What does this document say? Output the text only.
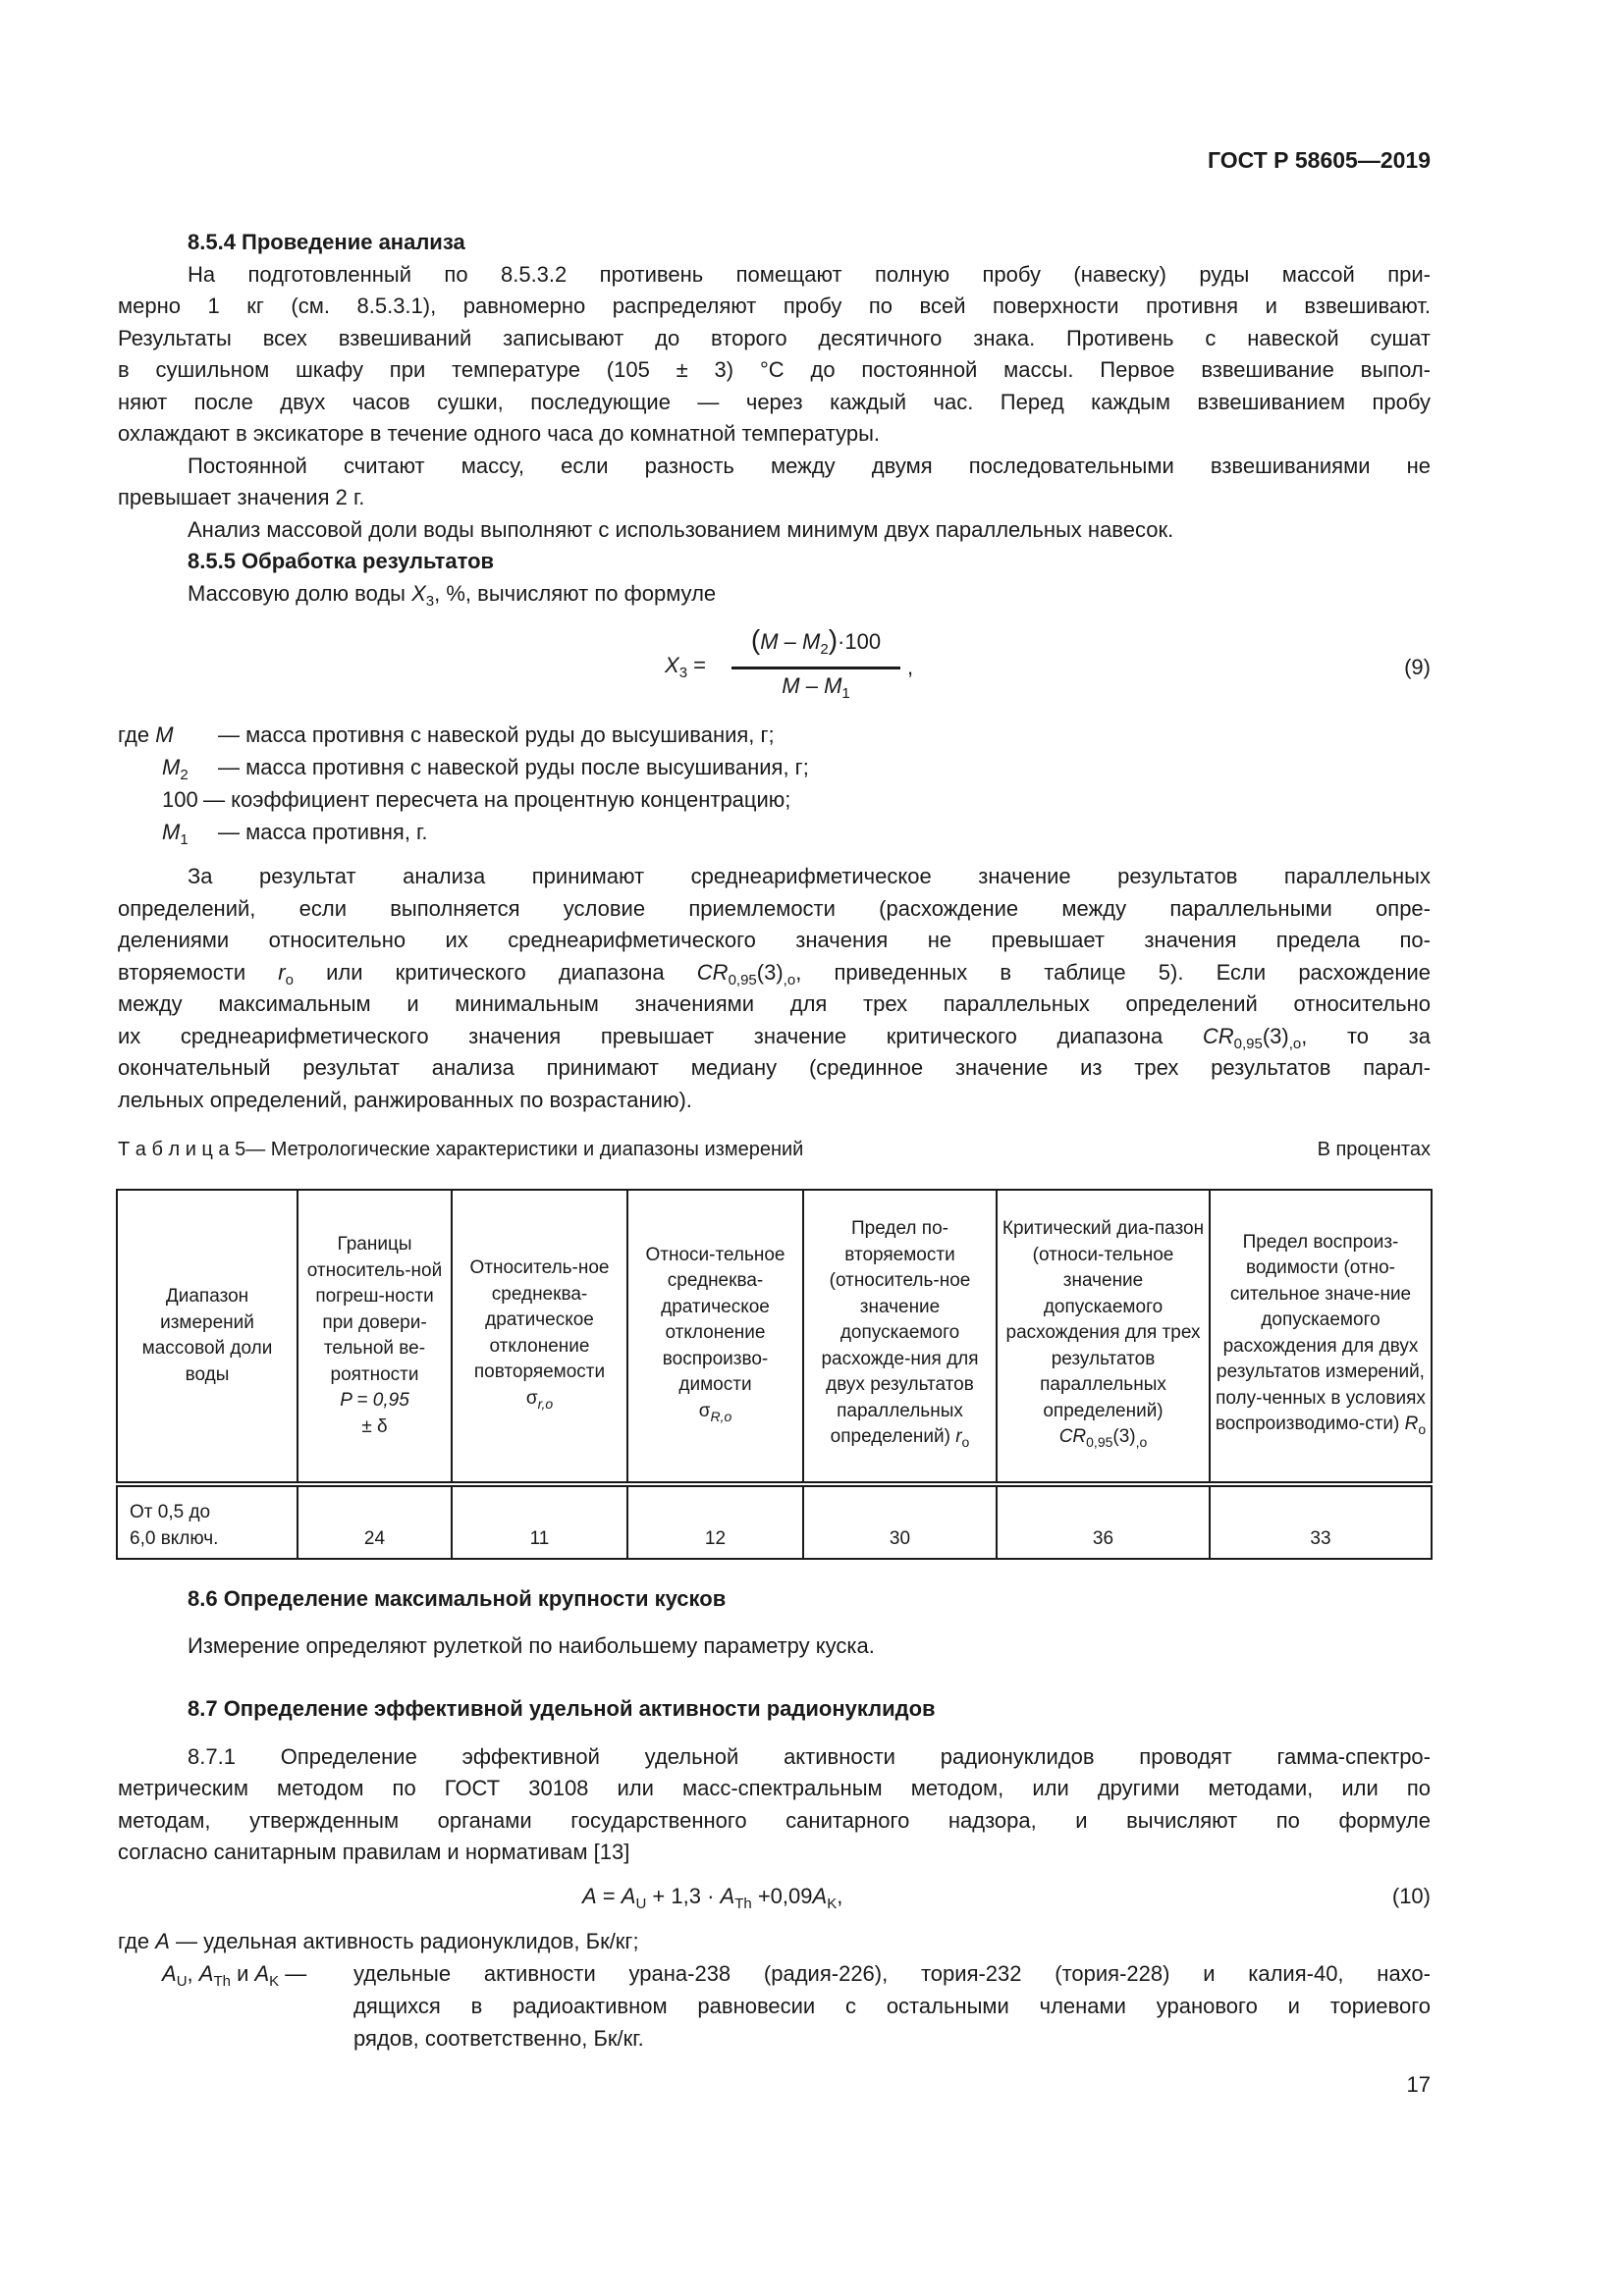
ГОСТ Р 58605—2019
8.5.4 Проведение анализа
На подготовленный по 8.5.3.2 противень помещают полную пробу (навеску) руды массой при-
мерно 1 кг (см. 8.5.3.1), равномерно распределяют пробу по всей поверхности противня и взвешивают.
Результаты всех взвешиваний записывают до второго десятичного знака. Противень с навеской сушат
в сушильном шкафу при температуре (105 ± 3) °С до постоянной массы. Первое взвешивание выпол-
няют после двух часов сушки, последующие — через каждый час. Перед каждым взвешиванием пробу
охлаждают в эксикаторе в течение одного часа до комнатной температуры.
Постоянной считают массу, если разность между двумя последовательными взвешиваниями не
превышает значения 2 г.
Анализ массовой доли воды выполняют с использованием минимум двух параллельных навесок.
8.5.5 Обработка результатов
Массовую долю воды $X_3$, %, вычисляют по формуле
$X_3$ =
$(M - M_2)\cdot 100$
M – $M_1$
,	(9)
где M — масса противня с навеской руды до высушивания, г;
$M_2$ — масса противня с навеской руды после высушивания, г;
100 — коэффициент пересчета на процентную концентрацию;
$M_1$ — масса противня, г.
За результат анализа принимают среднеарифметическое значение результатов параллельных
определений, если выполняется условие приемлемости (расхождение между параллельными опре-
делениями относительно их среднеарифметического значения не превышает значения предела по-
вторяемости $r_о$ или критического диапазона $CR_{0,95}(3)_{,о}$, приведенных в таблице 5). Если расхождение
между максимальным и минимальным значениями для трех параллельных определений относительно
их среднеарифметического значения превышает значение критического диапазона $CR_{0,95}(3)_{,о}$, то за
окончательный результат анализа принимают медиану (срединное значение из трех результатов парал-
лельных определений, ранжированных по возрастанию).
Т а б л и ц а 5— Метрологические характеристики и диапазоны измерений	В процентах
Диапазон измерений массовой доли воды	Границы относитель-ной погреш-ности при довери-тельной ве-роятности
P = 0,95
± δ	Относитель-ное среднеква-дратическое отклонение повторяемости
$\sigma_{r,о}$	Относи-тельное среднеква-дратическое отклонение воспроизво-димости
$\sigma_{R,о}$	Предел по-вторяемости (относитель-ное значение допускаемого расхожде-ния для двух результатов параллельных определений) $r_о$	Критический диа-пазон (относи-тельное значение допускаемого расхождения для трех результатов параллельных определений)
$CR_{0,95}(3)_{,о}$	Предел воспроиз-водимости (отно-сительное значе-ние допускаемого расхождения для двух результатов измерений, полу-ченных в условиях воспроизводимо-сти) $R_о$
От 0,5 до
6,0 включ.	24	11	12	30	36	33
8.6 Определение максимальной крупности кусков
Измерение определяют рулеткой по наибольшему параметру куска.
8.7 Определение эффективной удельной активности радионуклидов
8.7.1 Определение эффективной удельной активности радионуклидов проводят гамма-спектро-
метрическим методом по ГОСТ 30108 или масс-спектральным методом, или другими методами, или по
методам, утвержденным органами государственного санитарного надзора, и вычисляют по формуле
согласно санитарным правилам и нормативам [13]
$A = A_U + 1,3 \cdot A_{Th} +0,09A_K$,	(10)
где A — удельная активность радионуклидов, Бк/кг;
$A_U$, $A_{Th}$ и $A_K$ — удельные активности урана-238 (радия-226), тория-232 (тория-228) и калия-40, нахо-
дящихся в радиоактивном равновесии с остальными членами уранового и ториевого
рядов, соответственно, Бк/кг.
17
